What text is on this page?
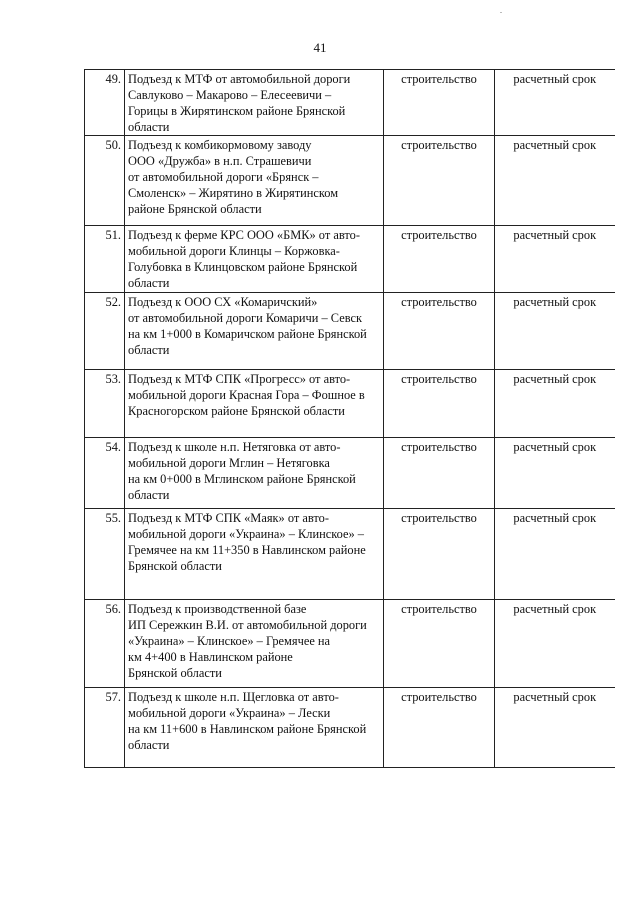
41
49.	Подъезд к МТФ от автомобильной дороги
Савлуково – Макарово – Елесеевичи –
Горицы в Жирятинском районе Брянской
области	строительство	расчетный срок
50.	Подъезд к комбикормовому заводу
ООО «Дружба» в н.п. Страшевичи
от автомобильной дороги «Брянск –
Смоленск» – Жирятино в Жирятинском
районе Брянской области	строительство	расчетный срок
51.	Подъезд к ферме КРС ООО «БМК» от авто-
мобильной дороги Клинцы – Коржовка-
Голубовка в Клинцовском районе Брянской
области	строительство	расчетный срок
52.	Подъезд к ООО СХ «Комаричский»
от автомобильной дороги Комаричи – Севск
на км 1+000 в Комаричском районе Брянской
области	строительство	расчетный срок
53.	Подъезд к МТФ СПК «Прогресс» от авто-
мобильной дороги Красная Гора – Фошное в
Красногорском районе Брянской области	строительство	расчетный срок
54.	Подъезд к школе н.п. Нетяговка от авто-
мобильной дороги Мглин – Нетяговка
на км 0+000 в Мглинском районе Брянской
области	строительство	расчетный срок
55.	Подъезд к МТФ СПК «Маяк» от авто-
мобильной дороги «Украина» – Клинское» –
Гремячее на км 11+350 в Навлинском районе
Брянской области	строительство	расчетный срок
56.	Подъезд к производственной базе
ИП Сережкин В.И. от автомобильной дороги
«Украина» – Клинское» – Гремячее на
км 4+400 в Навлинском районе
Брянской области	строительство	расчетный срок
57.	Подъезд к школе н.п. Щегловка от авто-
мобильной дороги «Украина» – Лески
на км 11+600 в Навлинском районе Брянской
области	строительство	расчетный срок
